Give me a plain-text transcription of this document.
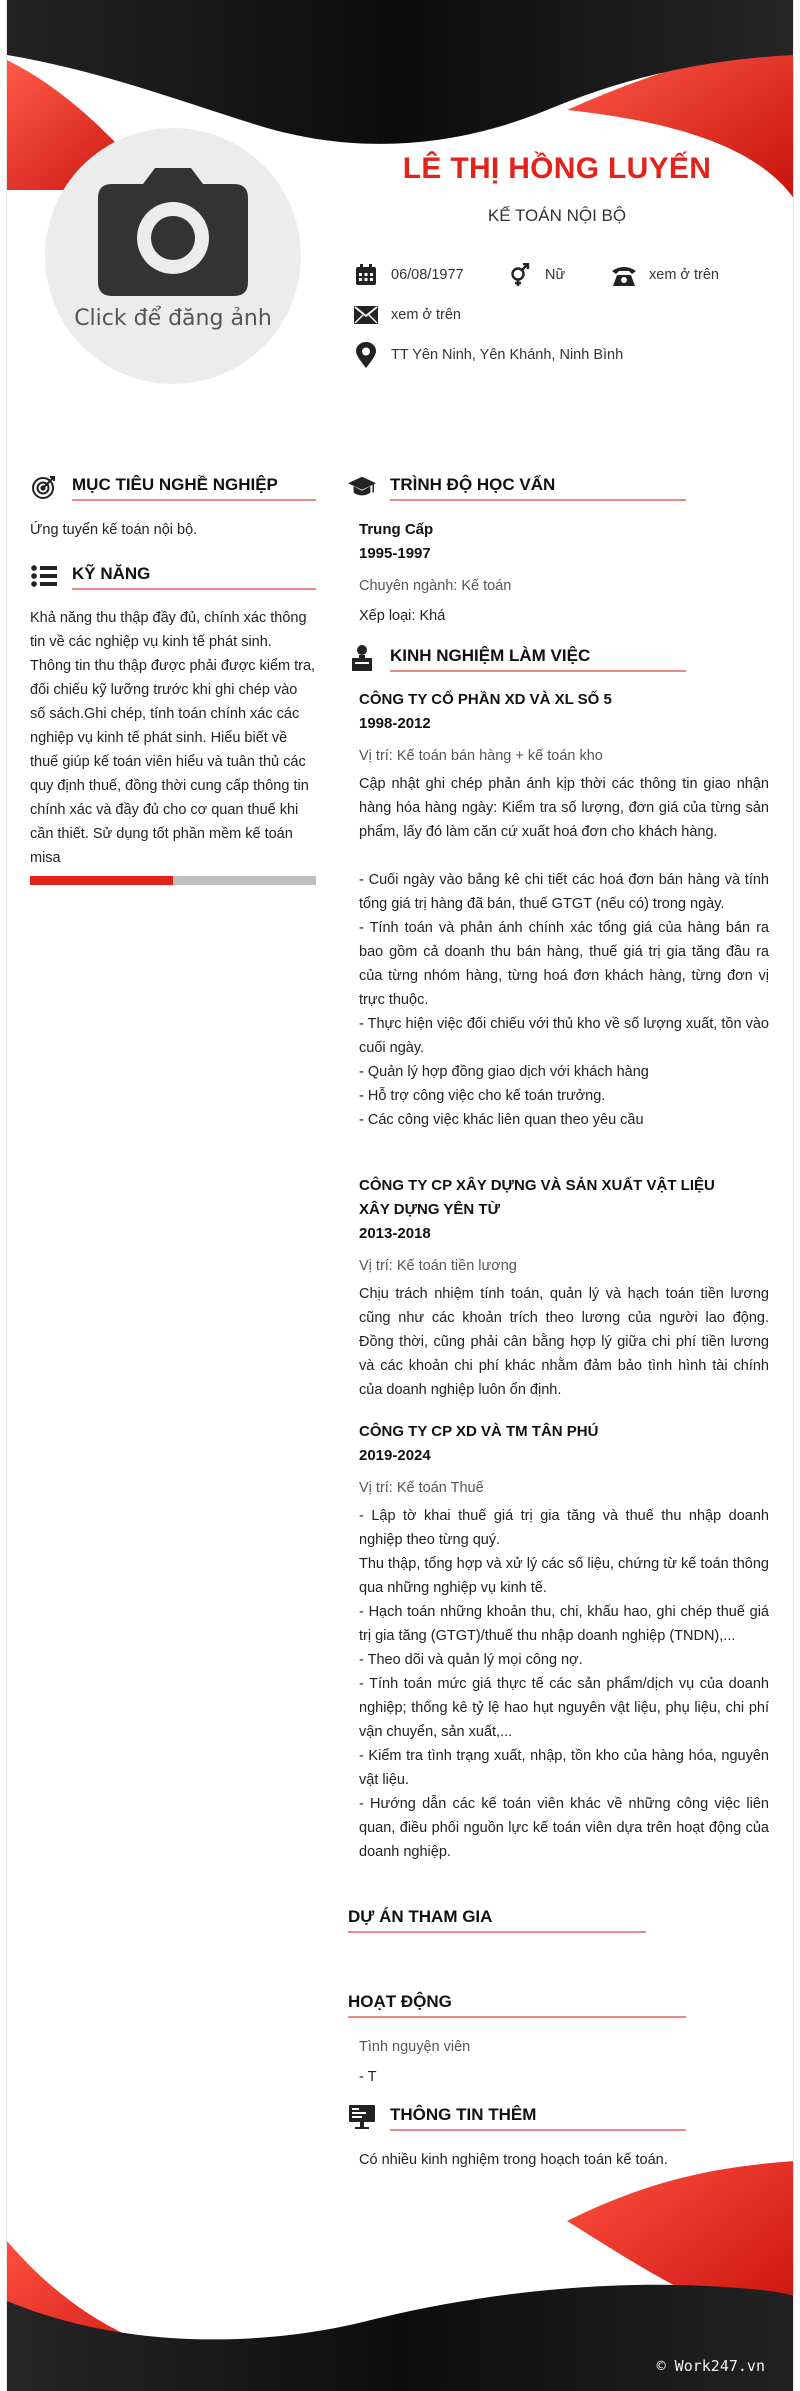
Click để đăng ảnh
LÊ THỊ HỒNG LUYẾN
KẾ TOÁN NỘI BỘ
06/08/1977	Nữ	xem ở trên
xem ở trên
TT Yên Ninh, Yên Khánh, Ninh Bình
MỤC TIÊU NGHỀ NGHIỆP
Ứng tuyển kế toán nội bộ.
KỸ NĂNG
Khả năng thu thập đầy đủ, chính xác thông tin về các nghiệp vụ kinh tế phát sinh. Thông tin thu thập được phải được kiểm tra, đối chiếu kỹ lưỡng trước khi ghi chép vào số sách.Ghi chép, tính toán chính xác các nghiệp vụ kinh tế phát sinh. Hiểu biết về thuế giúp kế toán viên hiểu và tuân thủ các quy định thuế, đồng thời cung cấp thông tin chính xác và đầy đủ cho cơ quan thuế khi cần thiết. Sử dụng tốt phần mềm kế toán misa
TRÌNH ĐỘ HỌC VẤN
Trung Cấp
1995-1997
Chuyên ngành: Kế toán
Xếp loại: Khá
KINH NGHIỆM LÀM VIỆC
CÔNG TY CỔ PHẦN XD VÀ XL SỐ 5
1998-2012
Vị trí: Kế toán bán hàng + kế toán kho
Cập nhật ghi chép phản ánh kịp thời các thông tin giao nhận hàng hóa hàng ngày: Kiểm tra số lượng, đơn giá của từng sản phẩm, lấy đó làm căn cứ xuất hoá đơn cho khách hàng.
- Cuối ngày vào bảng kê chi tiết các hoá đơn bán hàng và tính tổng giá trị hàng đã bán, thuế GTGT (nếu có) trong ngày.
- Tính toán và phản ánh chính xác tổng giá của hàng bán ra bao gồm cả doanh thu bán hàng, thuế giá trị gia tăng đầu ra của từng nhóm hàng, từng hoá đơn khách hàng, từng đơn vị trực thuộc.
- Thực hiện việc đối chiếu với thủ kho về số lượng xuất, tồn vào cuối ngày.
- Quản lý hợp đồng giao dịch với khách hàng
- Hỗ trợ công việc cho kế toán trưởng.
- Các công việc khác liên quan theo yêu cầu
CÔNG TY CP XÂY DỰNG VÀ SẢN XUẤT VẬT LIỆU XÂY DỰNG YÊN TỪ
2013-2018
Vị trí: Kế toán tiền lương
Chịu trách nhiệm tính toán, quản lý và hạch toán tiền lương cũng như các khoản trích theo lương của người lao động. Đồng thời, cũng phải cân bằng hợp lý giữa chi phí tiền lương và các khoản chi phí khác nhằm đảm bảo tình hình tài chính của doanh nghiệp luôn ổn định.
CÔNG TY CP XD VÀ TM TÂN PHÚ
2019-2024
Vị trí: Kế toán Thuế
- Lập tờ khai thuế giá trị gia tăng và thuế thu nhập doanh nghiệp theo từng quý.
Thu thập, tổng hợp và xử lý các số liệu, chứng từ kế toán thông qua những nghiệp vụ kinh tế.
- Hạch toán những khoản thu, chi, khấu hao, ghi chép thuế giá trị gia tăng (GTGT)/thuế thu nhập doanh nghiệp (TNDN),...
- Theo dõi và quản lý mọi công nợ.
- Tính toán mức giá thực tế các sản phẩm/dịch vụ của doanh nghiệp; thống kê tỷ lệ hao hụt nguyên vật liệu, phụ liệu, chi phí vận chuyển, sản xuất,...
- Kiểm tra tình trạng xuất, nhập, tồn kho của hàng hóa, nguyên vật liệu.
- Hướng dẫn các kế toán viên khác về những công việc liên quan, điều phối nguồn lực kế toán viên dựa trên hoạt động của doanh nghiệp.
DỰ ÁN THAM GIA
HOẠT ĐỘNG
Tình nguyện viên
- T
THÔNG TIN THÊM
Có nhiều kinh nghiệm trong hoạch toán kế toán.
© Work247.vn
